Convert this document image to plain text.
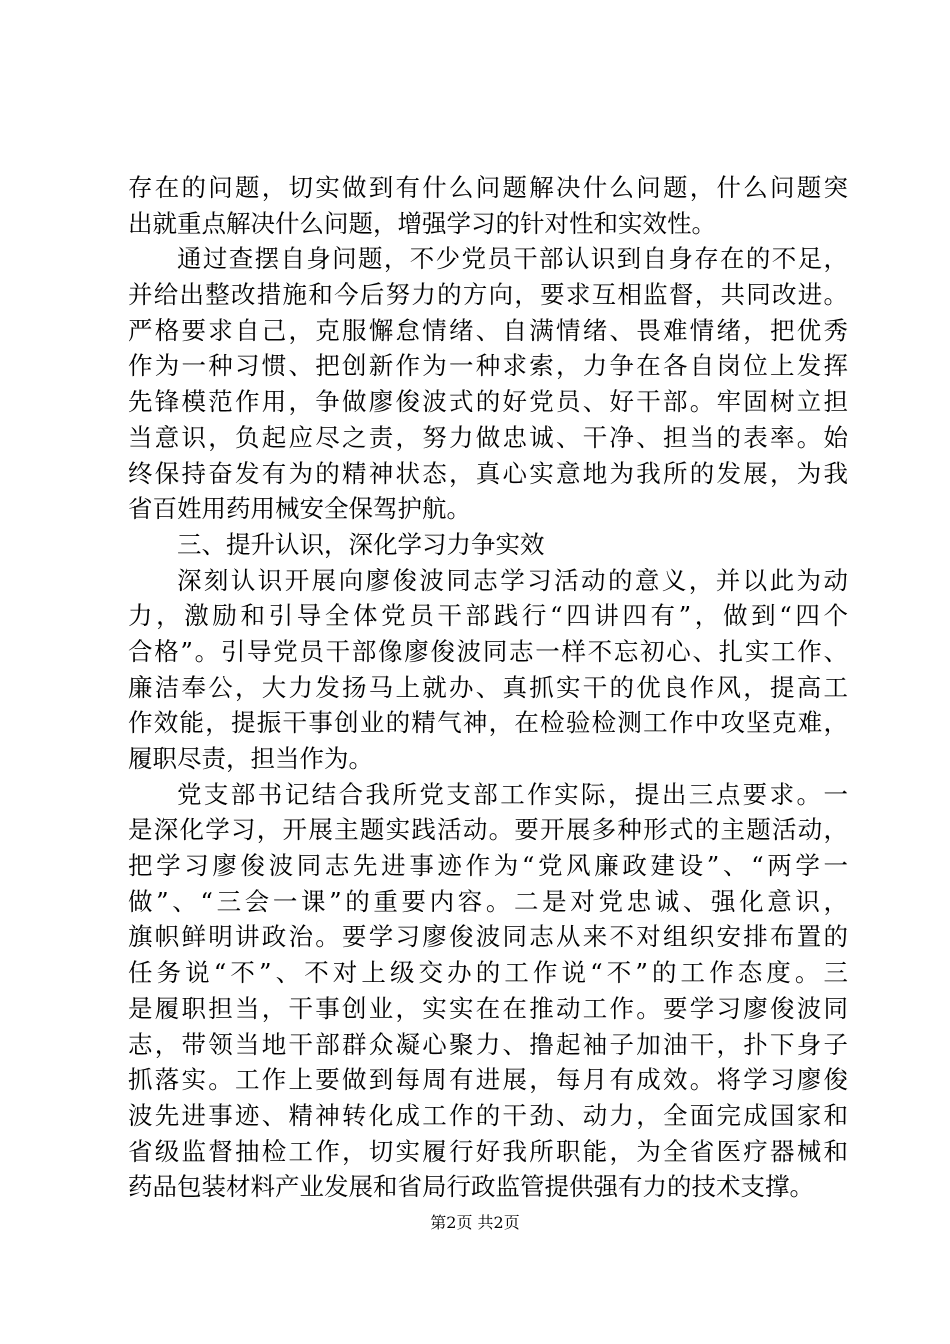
存在的问题，切实做到有什么问题解决什么问题，什么问题突
出就重点解决什么问题，增强学习的针对性和实效性。
通过查摆自身问题，不少党员干部认识到自身存在的不足，
并给出整改措施和今后努力的方向，要求互相监督，共同改进。
严格要求自己，克服懈怠情绪、自满情绪、畏难情绪，把优秀
作为一种习惯、把创新作为一种求索，力争在各自岗位上发挥
先锋模范作用，争做廖俊波式的好党员、好干部。牢固树立担
当意识，负起应尽之责，努力做忠诚、干净、担当的表率。始
终保持奋发有为的精神状态，真心实意地为我所的发展，为我
省百姓用药用械安全保驾护航。
三、提升认识，深化学习力争实效
深刻认识开展向廖俊波同志学习活动的意义，并以此为动
力，激励和引导全体党员干部践行“四讲四有”，做到“四个
合格”。引导党员干部像廖俊波同志一样不忘初心、扎实工作、
廉洁奉公，大力发扬马上就办、真抓实干的优良作风，提高工
作效能，提振干事创业的精气神，在检验检测工作中攻坚克难，
履职尽责，担当作为。
党支部书记结合我所党支部工作实际，提出三点要求。一
是深化学习，开展主题实践活动。要开展多种形式的主题活动，
把学习廖俊波同志先进事迹作为“党风廉政建设”、“两学一
做”、“三会一课”的重要内容。二是对党忠诚、强化意识，
旗帜鲜明讲政治。要学习廖俊波同志从来不对组织安排布置的
任务说“不”、不对上级交办的工作说“不”的工作态度。三
是履职担当，干事创业，实实在在推动工作。要学习廖俊波同
志，带领当地干部群众凝心聚力、撸起袖子加油干，扑下身子
抓落实。工作上要做到每周有进展，每月有成效。将学习廖俊
波先进事迹、精神转化成工作的干劲、动力，全面完成国家和
省级监督抽检工作，切实履行好我所职能，为全省医疗器械和
药品包装材料产业发展和省局行政监管提供强有力的技术支撑。
第2页 共2页
